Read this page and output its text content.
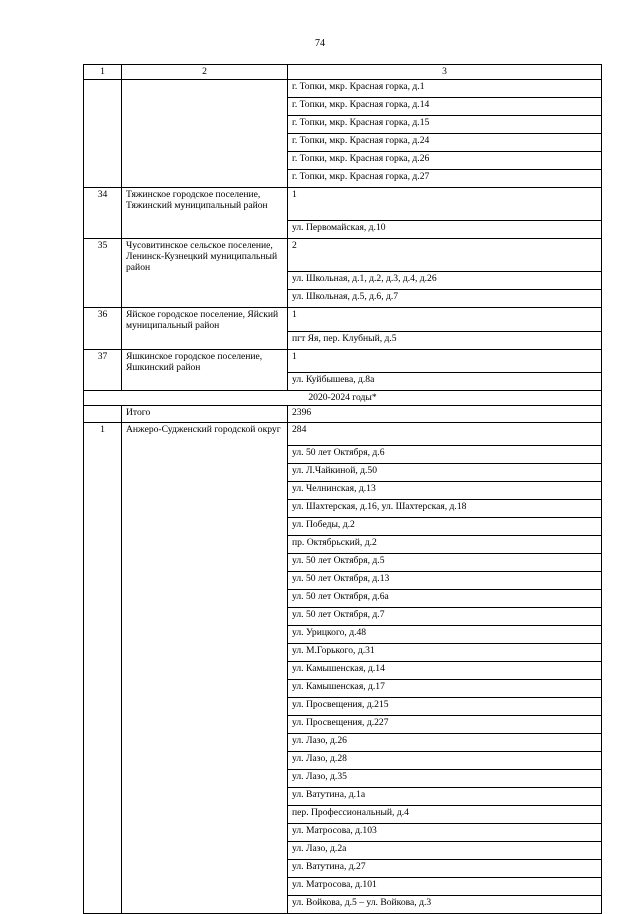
74
1	2	3
		г. Топки, мкр. Красная горка, д.1
		г. Топки, мкр. Красная горка, д.14
		г. Топки, мкр. Красная горка, д.15
		г. Топки, мкр. Красная горка, д.24
		г. Топки, мкр. Красная горка, д.26
		г. Топки, мкр. Красная горка, д.27
34	Тяжинское городское поселение, Тяжинский муниципальный район	1
		ул. Первомайская, д.10
35	Чусовитинское сельское поселение, Ленинск-Кузнецкий муниципальный район	2
		ул. Школьная, д.1, д.2, д.3, д.4, д.26
		ул. Школьная, д.5, д.6, д.7
36	Яйское городское поселение, Яйский муниципальный район	1
		пгт Яя, пер. Клубный, д.5
37	Яшкинское городское поселение, Яшкинский район	1
		ул. Куйбышева, д.8а
2020-2024 годы*		
	Итого	2396
1	Анжеро-Судженский городской округ	284
		ул. 50 лет Октября, д.6
		ул. Л.Чайкиной, д.50
		ул. Челнинская, д.13
		ул. Шахтерская, д.16, ул. Шахтерская, д.18
		ул. Победы, д.2
		пр. Октябрьский, д.2
		ул. 50 лет Октября, д.5
		ул. 50 лет Октября, д.13
		ул. 50 лет Октября, д.6а
		ул. 50 лет Октября, д.7
		ул. Урицкого, д.48
		ул. М.Горького, д.31
		ул. Камышенская, д.14
		ул. Камышенская, д.17
		ул. Просвещения, д.215
		ул. Просвещения, д.227
		ул. Лазо, д.26
		ул. Лазо, д.28
		ул. Лазо, д.35
		ул. Ватутина, д.1а
		пер. Профессиональный, д.4
		ул. Матросова, д.103
		ул. Лазо, д.2а
		ул. Ватутина, д.27
		ул. Матросова, д.101
		ул. Войкова, д.5 – ул. Войкова, д.3
